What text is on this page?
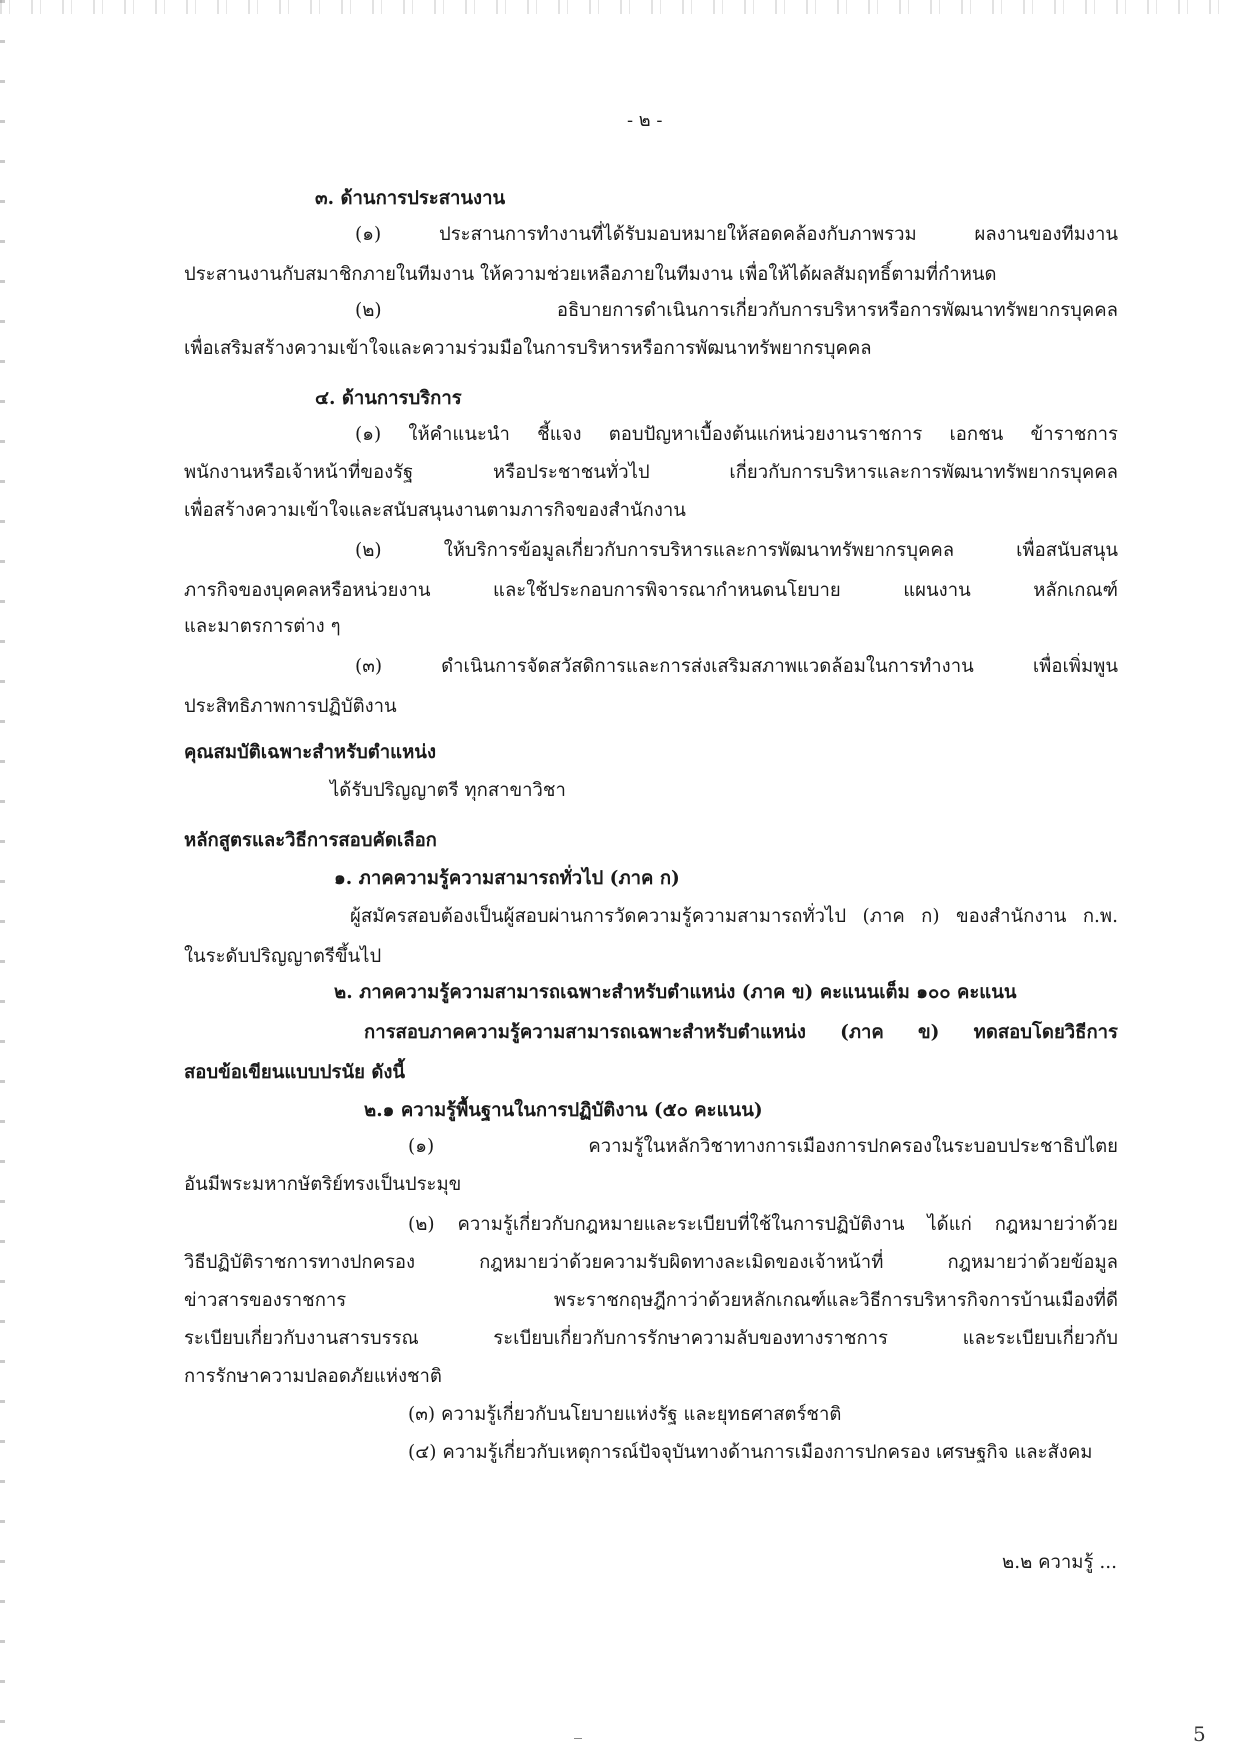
- ๒ -
๓. ด้านการประสานงาน
(๑) ประสานการทำงานที่ได้รับมอบหมายให้สอดคล้องกับภาพรวม ผลงานของทีมงาน
ประสานงานกับสมาชิกภายในทีมงาน ให้ความช่วยเหลือภายในทีมงาน เพื่อให้ได้ผลสัมฤทธิ์ตามที่กำหนด
(๒) อธิบายการดำเนินการเกี่ยวกับการบริหารหรือการพัฒนาทรัพยากรบุคคล
เพื่อเสริมสร้างความเข้าใจและความร่วมมือในการบริหารหรือการพัฒนาทรัพยากรบุคคล
๔. ด้านการบริการ
(๑) ให้คำแนะนำ ชี้แจง ตอบปัญหาเบื้องต้นแก่หน่วยงานราชการ เอกชน ข้าราชการ
พนักงานหรือเจ้าหน้าที่ของรัฐ หรือประชาชนทั่วไป เกี่ยวกับการบริหารและการพัฒนาทรัพยากรบุคคล
เพื่อสร้างความเข้าใจและสนับสนุนงานตามภารกิจของสำนักงาน
(๒) ให้บริการข้อมูลเกี่ยวกับการบริหารและการพัฒนาทรัพยากรบุคคล เพื่อสนับสนุน
ภารกิจของบุคคลหรือหน่วยงาน และใช้ประกอบการพิจารณากำหนดนโยบาย แผนงาน หลักเกณฑ์
และมาตรการต่าง ๆ
(๓) ดำเนินการจัดสวัสดิการและการส่งเสริมสภาพแวดล้อมในการทำงาน เพื่อเพิ่มพูน
ประสิทธิภาพการปฏิบัติงาน
คุณสมบัติเฉพาะสำหรับตำแหน่ง
ได้รับปริญญาตรี ทุกสาขาวิชา
หลักสูตรและวิธีการสอบคัดเลือก
๑. ภาคความรู้ความสามารถทั่วไป (ภาค ก)
ผู้สมัครสอบต้องเป็นผู้สอบผ่านการวัดความรู้ความสามารถทั่วไป (ภาค ก) ของสำนักงาน ก.พ.
ในระดับปริญญาตรีขึ้นไป
๒. ภาคความรู้ความสามารถเฉพาะสำหรับตำแหน่ง (ภาค ข) คะแนนเต็ม ๑๐๐ คะแนน
การสอบภาคความรู้ความสามารถเฉพาะสำหรับตำแหน่ง (ภาค ข) ทดสอบโดยวิธีการ
สอบข้อเขียนแบบปรนัย ดังนี้
๒.๑ ความรู้พื้นฐานในการปฏิบัติงาน (๕๐ คะแนน)
(๑) ความรู้ในหลักวิชาทางการเมืองการปกครองในระบอบประชาธิปไตย
อันมีพระมหากษัตริย์ทรงเป็นประมุข
(๒) ความรู้เกี่ยวกับกฎหมายและระเบียบที่ใช้ในการปฏิบัติงาน ได้แก่ กฎหมายว่าด้วย
วิธีปฏิบัติราชการทางปกครอง กฎหมายว่าด้วยความรับผิดทางละเมิดของเจ้าหน้าที่ กฎหมายว่าด้วยข้อมูล
ข่าวสารของราชการ พระราชกฤษฎีกาว่าด้วยหลักเกณฑ์และวิธีการบริหารกิจการบ้านเมืองที่ดี
ระเบียบเกี่ยวกับงานสารบรรณ ระเบียบเกี่ยวกับการรักษาความลับของทางราชการ และระเบียบเกี่ยวกับ
การรักษาความปลอดภัยแห่งชาติ
(๓) ความรู้เกี่ยวกับนโยบายแห่งรัฐ และยุทธศาสตร์ชาติ
(๔) ความรู้เกี่ยวกับเหตุการณ์ปัจจุบันทางด้านการเมืองการปกครอง เศรษฐกิจ และสังคม
๒.๒ ความรู้ ...
5
